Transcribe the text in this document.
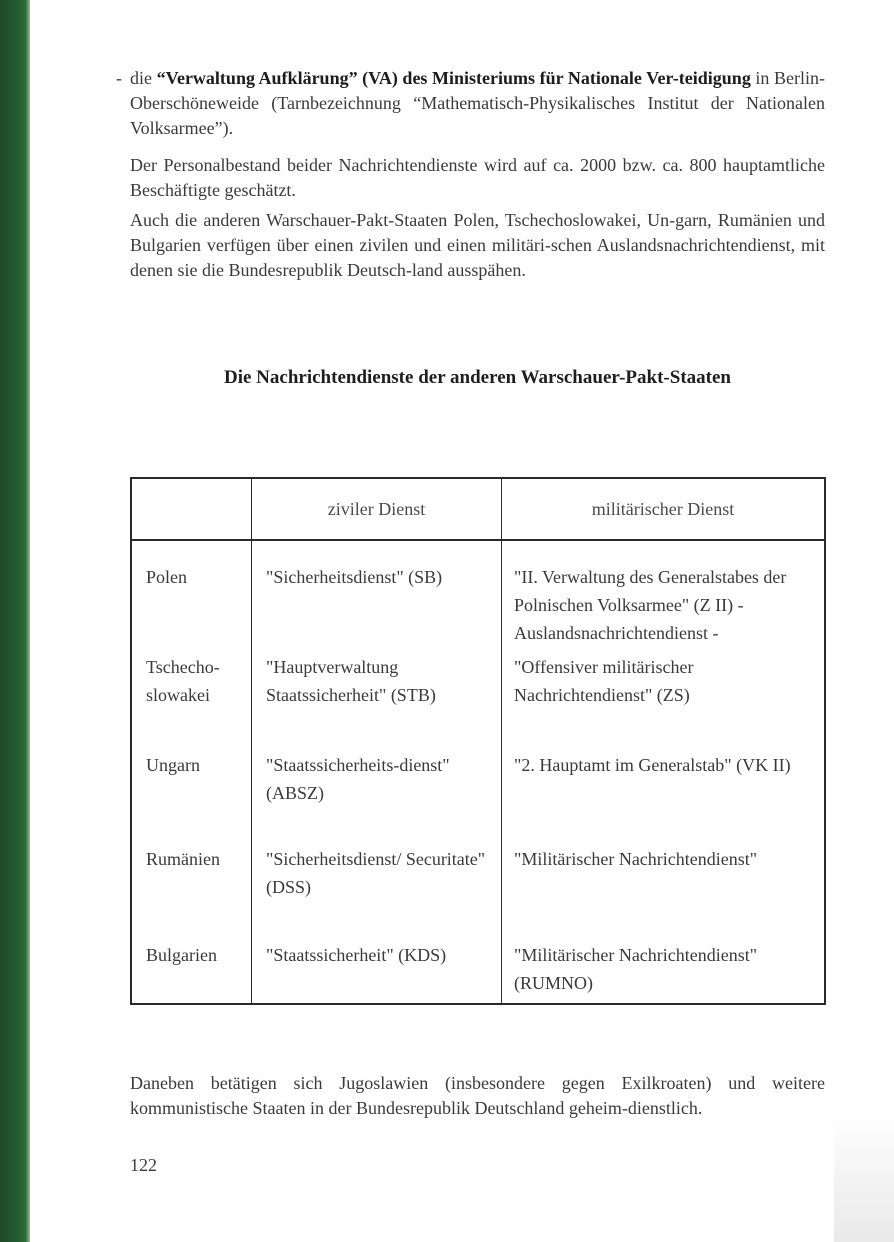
- die “Verwaltung Aufklärung” (VA) des Ministeriums für Nationale Ver-teidigung in Berlin-Oberschöneweide (Tarnbezeichnung “Mathematisch-Physikalisches Institut der Nationalen Volksarmee”).

Der Personalbestand beider Nachrichtendienste wird auf ca. 2000 bzw. ca. 800 hauptamtliche Beschäftigte geschätzt.

Auch die anderen Warschauer-Pakt-Staaten Polen, Tschechoslowakei, Un-garn, Rumänien und Bulgarien verfügen über einen zivilen und einen militäri-schen Auslandsnachrichtendienst, mit denen sie die Bundesrepublik Deutsch-land ausspähen.

Die Nachrichtendienste der anderen Warschauer-Pakt-Staaten
	ziviler Dienst	militärischer Dienst
Polen	"Sicherheitsdienst" (SB)	"II. Verwaltung des Generalstabes der Polnischen Volksarmee" (Z II) - Auslandsnachrichtendienst -
Tschecho-slowakei	"Hauptverwaltung Staatssicherheit" (STB)	"Offensiver militärischer Nachrichtendienst" (ZS)
Ungarn	"Staatssicherheits-dienst" (ABSZ)	"2. Hauptamt im Generalstab" (VK II)
Rumänien	"Sicherheitsdienst/ Securitate" (DSS)	"Militärischer Nachrichtendienst"
Bulgarien	"Staatssicherheit" (KDS)	"Militärischer Nachrichtendienst" (RUMNO)

Daneben betätigen sich Jugoslawien (insbesondere gegen Exilkroaten) und weitere kommunistische Staaten in der Bundesrepublik Deutschland geheim-dienstlich.

122
